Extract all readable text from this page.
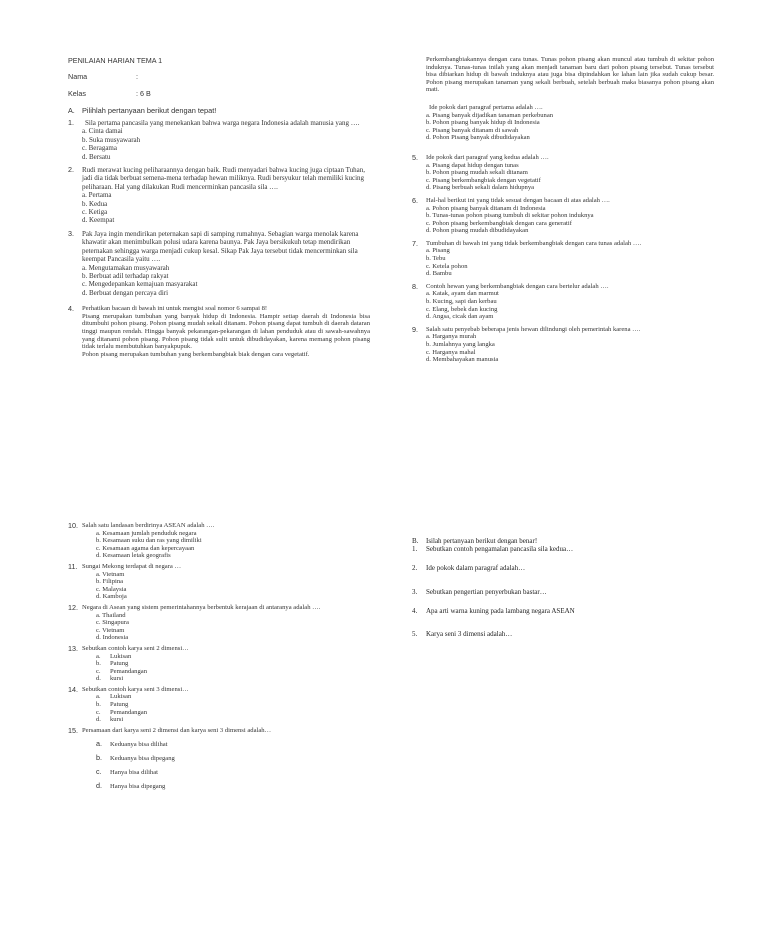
PENILAIAN HARIAN TEMA 1
Nama	:
Kelas	: 6 B
A. Pilihlah pertanyaan berikut dengan tepat!
1.	Sila pertama pancasila yang menekankan bahwa warga negara Indonesia adalah manusia yang ….
a. Cinta damai
b. Suka musyawarah
c. Beragama
d. Bersatu
2. Rudi merawat kucing peliharaannya dengan baik. Rudi menyadari bahwa kucing juga ciptaan Tuhan, jadi dia tidak berbuat semena-mena terhadap hewan miliknya. Rudi bersyukur telah memiliki kucing peliharaan. Hal yang dilakukan Rudi mencerminkan pancasila sila ….
a. Pertama
b. Kedua
c. Ketiga
d. Keempat
3. Pak Jaya ingin mendirikan peternakan sapi di samping rumahnya. Sebagian warga menolak karena khawatir akan menimbulkan polusi udara karena baunya. Pak Jaya bersikukuh tetap mendirikan peternakan sehingga warga menjadi cukup kesal. Sikap Pak Jaya tersebut tidak mencerminkan sila keempat Pancasila yaitu ….
a. Mengutamakan musyawarah
b. Berbuat adil terhadap rakyat
c. Mengedepankan kemajuan masyarakat
d. Berbuat dengan percaya diri
4. Perhatikan bacaan di bawah ini untuk mengisi soal nomor 6 sampai 8!
Pisang merupakan tumbuhan yang banyak hidup di Indonesia. Hampir setiap daerah di Indonesia bisa ditumbuhi pohon pisang. Pohon pisang mudah sekali ditanam. Pohon pisang dapat tumbuh di daerah dataran tinggi maupun rendah. Hingga banyak pekarangan-pekarangan di lahan penduduk atau di sawah-sawahnya yang ditanami pohon pisang. Pohon pisang tidak sulit untuk dibudidayakan, karena memang pohon pisang tidak terlalu membutuhkan banyakpupuk.
Pohon pisang merupakan tumbuhan yang berkembangbiak biak dengan cara vegetatif.
Perkembangbiakannya dengan cara tunas. Tunas pohon pisang akan muncul atau tumbuh di sekitar pohon induknya. Tunas-tunas inilah yang akan menjadi tanaman baru dari pohon pisang tersebut. Tunas tersebut bisa dibiarkan hidup di bawah induknya atau juga bisa dipindahkan ke lahan lain jika sudah cukup besar. Pohon pisang merupakan tanaman yang sekali berbuah, setelah berbuah maka biasanya pohon pisang akan mati.
Ide pokok dari paragraf pertama adalah ….
a. Pisang banyak dijadikan tanaman perkebunan
b. Pohon pisang banyak hidup di Indonesia
c. Pisang banyak ditanam di sawah
d. Pohon Pisang banyak dibudidayakan
5. Ide pokok dari paragraf yang kedua adalah ….
a. Pisang dapat hidup dengan tunas
b. Pohon pisang mudah sekali ditanam
c. Pisang berkembangbiak dengan vegetatif
d. Pisang berbuah sekali dalam hidupnya
6. Hal-hal berikut ini yang tidak sesuai dengan bacaan di atas adalah ….
a. Pohon pisang banyak ditanam di Indonesia
b. Tunas-tunas pohon pisang tumbuh di sekitar pohon induknya
c. Pohon pisang berkembangbiak dengan cara generatif
d. Pohon pisang mudah dibudidayakan
7. Tumbuhan di bawah ini yang tidak berkembangbiak dengan cara tunas adalah ….
a. Pisang
b. Tebu
c. Ketela pohon
d. Bambu
8. Contoh hewan yang berkembangbiak dengan cara bertelur adalah ….
a. Katak, ayam dan marmut
b. Kucing, sapi dan kerbau
c. Elang, bebek dan kucing
d. Angsa, cicak dan ayam
9. Salah satu penyebab beberapa jenis hewan dilindungi oleh pemerintah karena ….
a. Harganya murah
b. Jumlahnya yang langka
c. Harganya mahal
d. Membahayakan manusia
10. Salah satu landasan berdirinya ASEAN adalah ….
a. Kesamaan jumlah penduduk negara
b. Kesamaan suku dan ras yang dimiliki
c. Kesamaan agama dan kepercayaan
d. Kesamaan letak geografis
11. Sungai Mekong terdapat di negara …
a. Vietnam
b. Filipina
c. Malaysia
d. Kamboja
12. Negara di Asean yang sistem pemerintahannya berbentuk kerajaan di antaranya adalah ….
a. Thailand
c. Singapura
c. Vietnam
d. Indonesia
13. Sebutkan contoh karya seni 2 dimensi…
a. Lukisan
b. Patung
c. Pemandangan
d. kursi
14. Sebutkan contoh karya seni 3 dimensi…
a. Lukisan
b. Patung
c. Pemandangan
d. kursi
15. Persamaan dari karya seni 2 dimensi dan karya seni 3 dimensi adalah…
a. Keduanya bisa dilihat
b. Keduanya bisa dipegang
c. Hanya bisa dilihat
d. Hanya bisa dipegang
B. Isilah pertanyaan berikut dengan benar!
1. Sebutkan contoh pengamalan pancasila sila kedua…
2. Ide pokok dalam paragraf adalah…
3. Sebutkan pengertian penyerbukan bastar…
4. Apa arti warna kuning pada lambang negara ASEAN
5. Karya seni 3 dimensi adalah…
